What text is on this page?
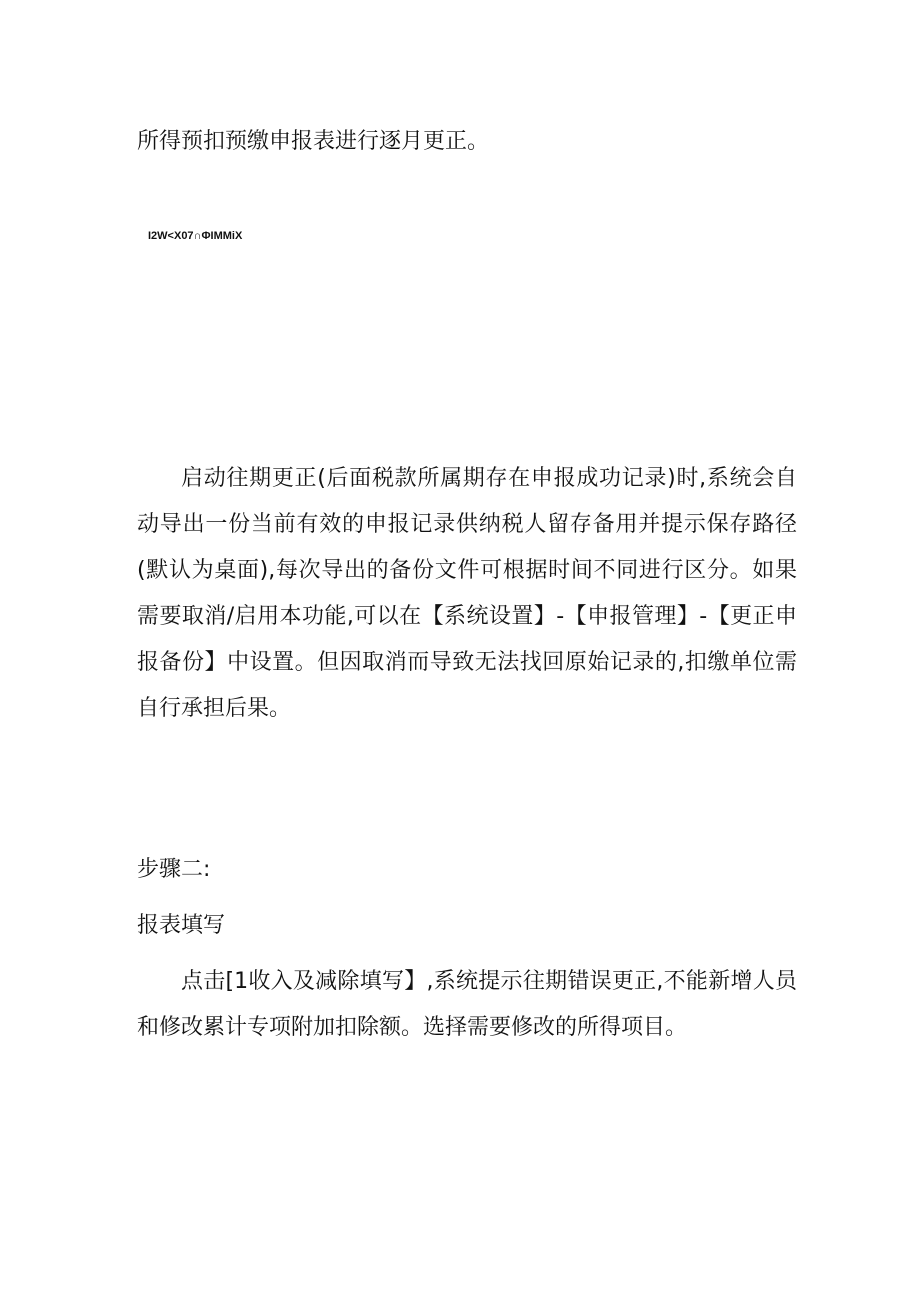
所得预扣预缴申报表进行逐月更正。
I2W<X07∩ΦIMMiX

启动往期更正(后面税款所属期存在申报成功记录)时,系统会自动导出一份当前有效的申报记录供纳税人留存备用并提示保存路径(默认为桌面),每次导出的备份文件可根据时间不同进行区分。如果需要取消/启用本功能,可以在【系统设置】-【申报管理】-【更正申报备份】中设置。但因取消而导致无法找回原始记录的,扣缴单位需自行承担后果。

步骤二:
报表填写

点击[1收入及减除填写】,系统提示往期错误更正,不能新增人员和修改累计专项附加扣除额。选择需要修改的所得项目。
